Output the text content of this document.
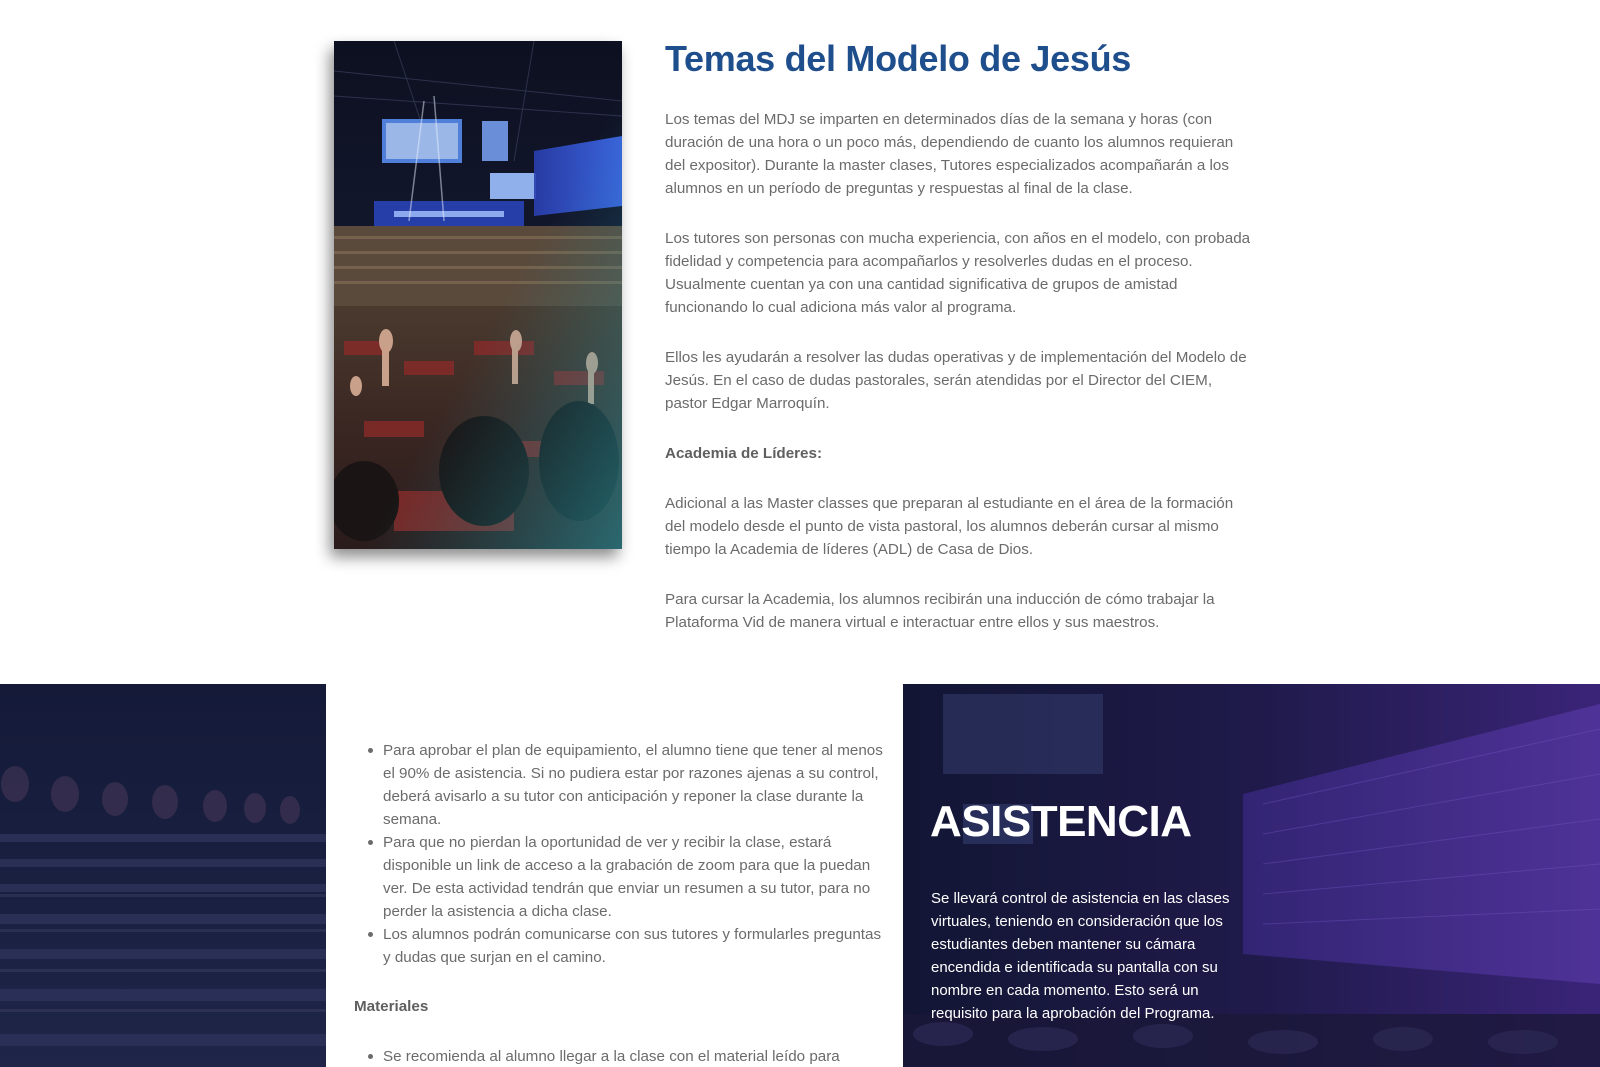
Temas del Modelo de Jesús

Los temas del MDJ se imparten en determinados días de la semana y horas (con duración de una hora o un poco más, dependiendo de cuanto los alumnos requieran del expositor). Durante la master clases, Tutores especializados acompañarán a los alumnos en un período de preguntas y respuestas al final de la clase.

Los tutores son personas con mucha experiencia, con años en el modelo, con probada fidelidad y competencia para acompañarlos y resolverles dudas en el proceso. Usualmente cuentan ya con una cantidad significativa de grupos de amistad funcionando lo cual adiciona más valor al programa.

Ellos les ayudarán a resolver las dudas operativas y de implementación del Modelo de Jesús. En el caso de dudas pastorales, serán atendidas por el Director del CIEM, pastor Edgar Marroquín.

Academia de Líderes:

Adicional a las Master classes que preparan al estudiante en el área de la formación del modelo desde el punto de vista pastoral, los alumnos deberán cursar al mismo tiempo la Academia de líderes (ADL) de Casa de Dios.

Para cursar la Academia, los alumnos recibirán una inducción de cómo trabajar la Plataforma Vid de manera virtual e interactuar entre ellos y sus maestros.

Para aprobar el plan de equipamiento, el alumno tiene que tener al menos el 90% de asistencia. Si no pudiera estar por razones ajenas a su control, deberá avisarlo a su tutor con anticipación y reponer la clase durante la semana.
Para que no pierdan la oportunidad de ver y recibir la clase, estará disponible un link de acceso a la grabación de zoom para que la puedan ver. De esta actividad tendrán que enviar un resumen a su tutor, para no perder la asistencia a dicha clase.
Los alumnos podrán comunicarse con sus tutores y formularles preguntas y dudas que surjan en el camino.

Materiales

Se recomienda al alumno llegar a la clase con el material leído para
ASISTENCIA

Se llevará control de asistencia en las clases virtuales, teniendo en consideración que los estudiantes deben mantener su cámara encendida e identificada su pantalla con su nombre en cada momento. Esto será un requisito para la aprobación del Programa.
